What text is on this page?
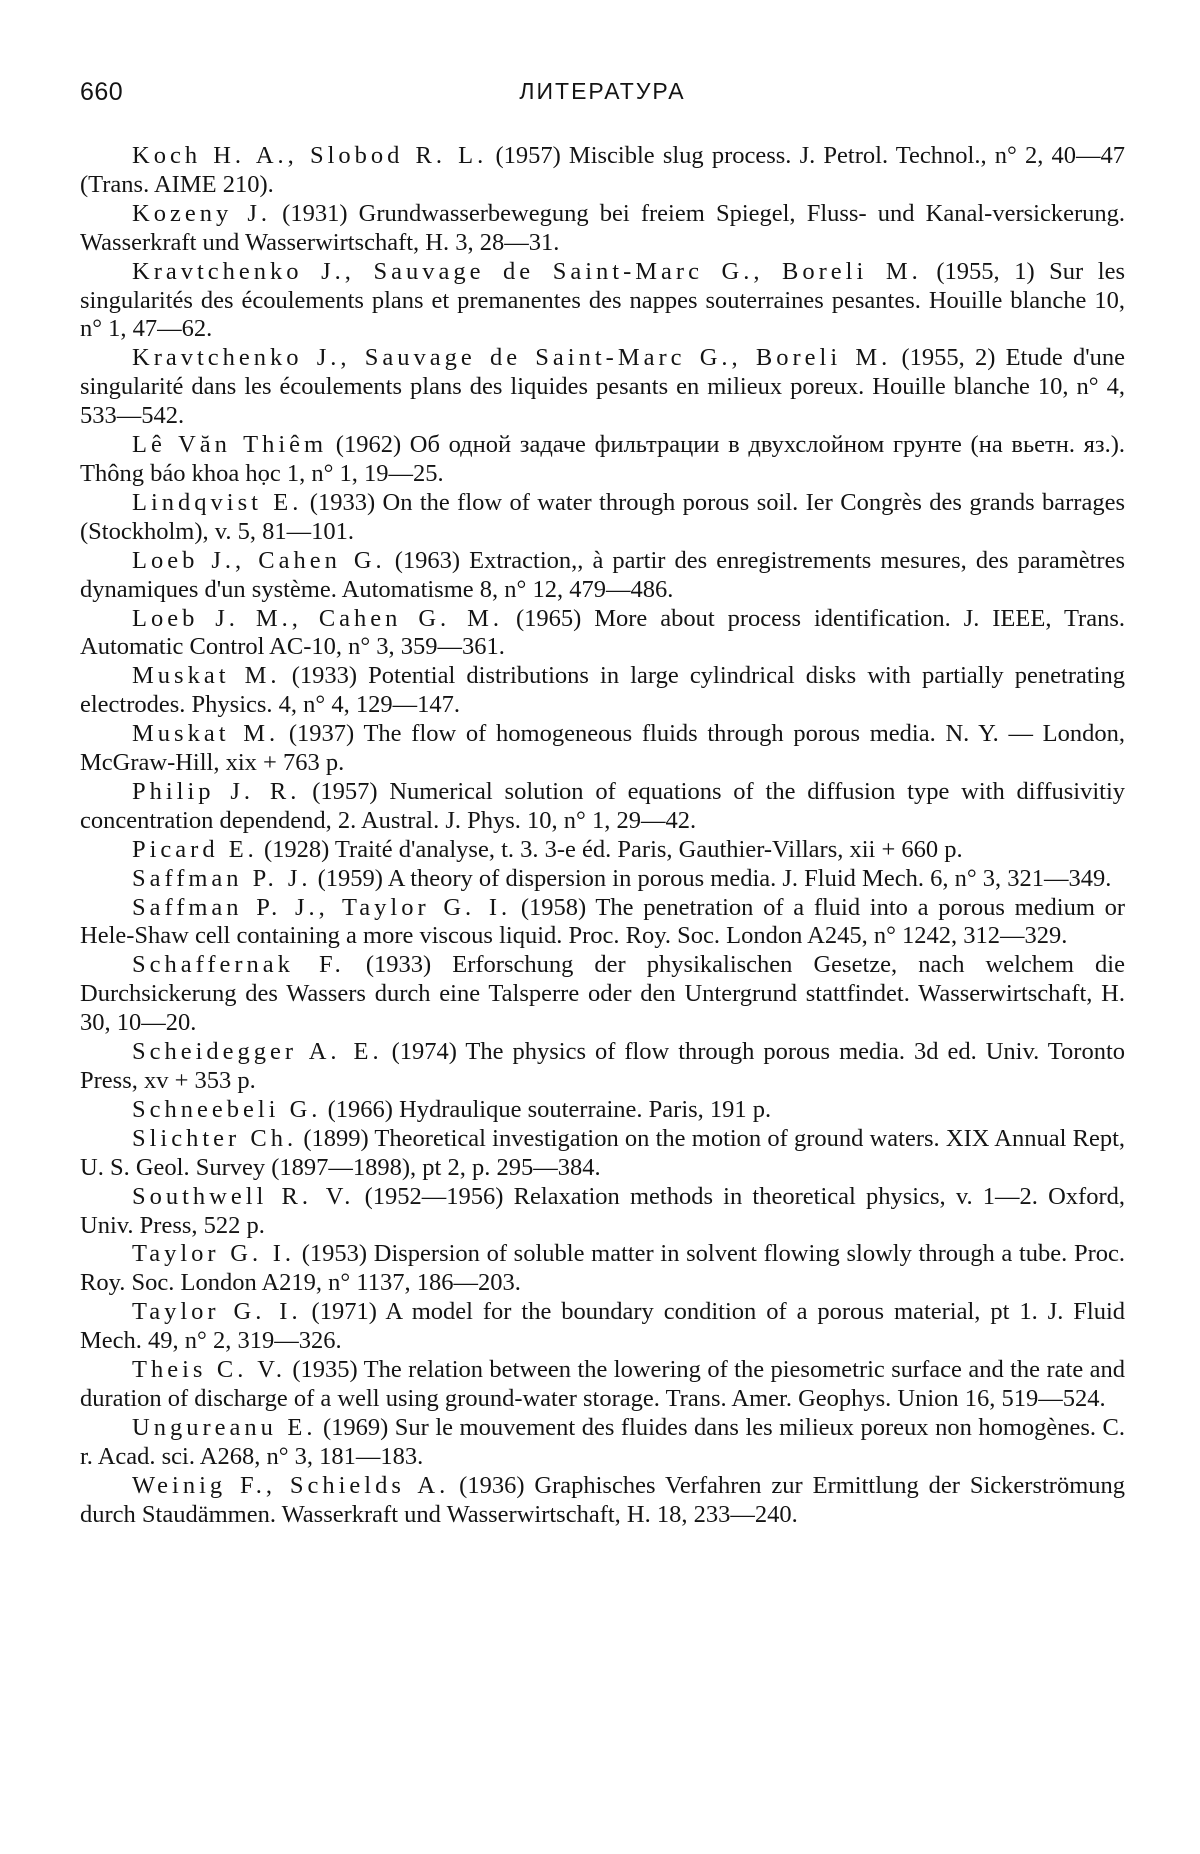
660	ЛИТЕРАТУРА

Koch H. A., Slobod R. L. (1957) Miscible slug process. J. Petrol. Technol., n° 2, 40—47 (Trans. AIME 210).

Kozeny J. (1931) Grundwasserbewegung bei freiem Spiegel, Fluss- und Kanal-versickerung. Wasserkraft und Wasserwirtschaft, H. 3, 28—31.

Kravtchenko J., Sauvage de Saint-Marc G., Boreli M. (1955, 1) Sur les singularités des écoulements plans et premanentes des nappes souterraines pesantes. Houille blanche 10, n° 1, 47—62.

Kravtchenko J., Sauvage de Saint-Marc G., Boreli M. (1955, 2) Etude d'une singularité dans les écoulements plans des liquides pesants en milieux poreux. Houille blanche 10, n° 4, 533—542.

Lê Văn Thiêm (1962) Об одной задаче фильтрации в двухслойном грунте (на вьетн. яз.). Thông báo khoa học 1, n° 1, 19—25.

Lindqvist E. (1933) On the flow of water through porous soil. Ier Congrès des grands barrages (Stockholm), v. 5, 81—101.

Loeb J., Cahen G. (1963) Extraction,, à partir des enregistrements mesures, des paramètres dynamiques d'un système. Automatisme 8, n° 12, 479—486.

Loeb J. M., Cahen G. M. (1965) More about process identification. J. IEEE, Trans. Automatic Control AC-10, n° 3, 359—361.

Muskat M. (1933) Potential distributions in large cylindrical disks with partially penetrating electrodes. Physics. 4, n° 4, 129—147.

Muskat M. (1937) The flow of homogeneous fluids through porous media. N. Y. — London, McGraw-Hill, xix + 763 p.

Philip J. R. (1957) Numerical solution of equations of the diffusion type with diffusivitiy concentration dependend, 2. Austral. J. Phys. 10, n° 1, 29—42.

Picard E. (1928) Traité d'analyse, t. 3. 3-e éd. Paris, Gauthier-Villars, xii + 660 p.

Saffman P. J. (1959) A theory of dispersion in porous media. J. Fluid Mech. 6, n° 3, 321—349.

Saffman P. J., Taylor G. I. (1958) The penetration of a fluid into a porous medium or Hele-Shaw cell containing a more viscous liquid. Proc. Roy. Soc. London A245, n° 1242, 312—329.

Schaffernak F. (1933) Erforschung der physikalischen Gesetze, nach welchem die Durchsickerung des Wassers durch eine Talsperre oder den Untergrund stattfindet. Wasserwirtschaft, H. 30, 10—20.

Scheidegger A. E. (1974) The physics of flow through porous media. 3d ed. Univ. Toronto Press, xv + 353 p.

Schneebeli G. (1966) Hydraulique souterraine. Paris, 191 p.

Slichter Ch. (1899) Theoretical investigation on the motion of ground waters. XIX Annual Rept, U. S. Geol. Survey (1897—1898), pt 2, p. 295—384.

Southwell R. V. (1952—1956) Relaxation methods in theoretical physics, v. 1—2. Oxford, Univ. Press, 522 p.

Taylor G. I. (1953) Dispersion of soluble matter in solvent flowing slowly through a tube. Proc. Roy. Soc. London A219, n° 1137, 186—203.

Taylor G. I. (1971) A model for the boundary condition of a porous material, pt 1. J. Fluid Mech. 49, n° 2, 319—326.

Theis C. V. (1935) The relation between the lowering of the piesometric surface and the rate and duration of discharge of a well using ground-water storage. Trans. Amer. Geophys. Union 16, 519—524.

Ungureanu E. (1969) Sur le mouvement des fluides dans les milieux poreux non homogènes. C. r. Acad. sci. A268, n° 3, 181—183.

Weinig F., Schields A. (1936) Graphisches Verfahren zur Ermittlung der Sickerströmung durch Staudämmen. Wasserkraft und Wasserwirtschaft, H. 18, 233—240.
